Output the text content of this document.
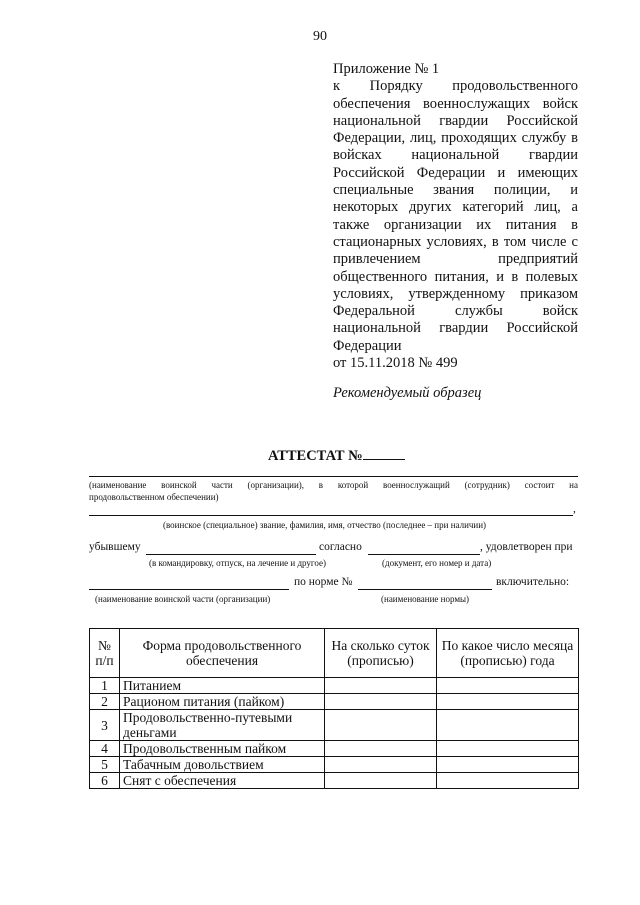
90
Приложение № 1
к Порядку продовольственного обеспечения военнослужащих войск национальной гвардии Российской Федерации, лиц, проходящих службу в войсках национальной гвардии Российской Федерации и имеющих специальные звания полиции, и некоторых других категорий лиц, а также организации их питания в стационарных условиях, в том числе с привлечением предприятий общественного питания, и в полевых условиях, утвержденному приказом Федеральной службы войск национальной гвардии Российской Федерации
от 15.11.2018 № 499
Рекомендуемый образец
АТТЕСТАТ №
(наименование воинской части (организации), в которой военнослужащий (сотрудник) состоит на
продовольственном обеспечении)
,
(воинское (специальное) звание, фамилия, имя, отчество (последнее – при наличии)
убывшему	согласно	, удовлетворен при
(в командировку, отпуск, на лечение и другое)	(документ, его номер и дата)
по норме №	включительно:
(наименование воинской части (организации)	(наименование нормы)
№ п/п	Форма продовольственного обеспечения	На сколько суток (прописью)	По какое число месяца (прописью) года
1	Питанием		
2	Рационом питания (пайком)		
3	Продовольственно-путевыми деньгами		
4	Продовольственным пайком		
5	Табачным довольствием		
6	Снят с обеспечения		
